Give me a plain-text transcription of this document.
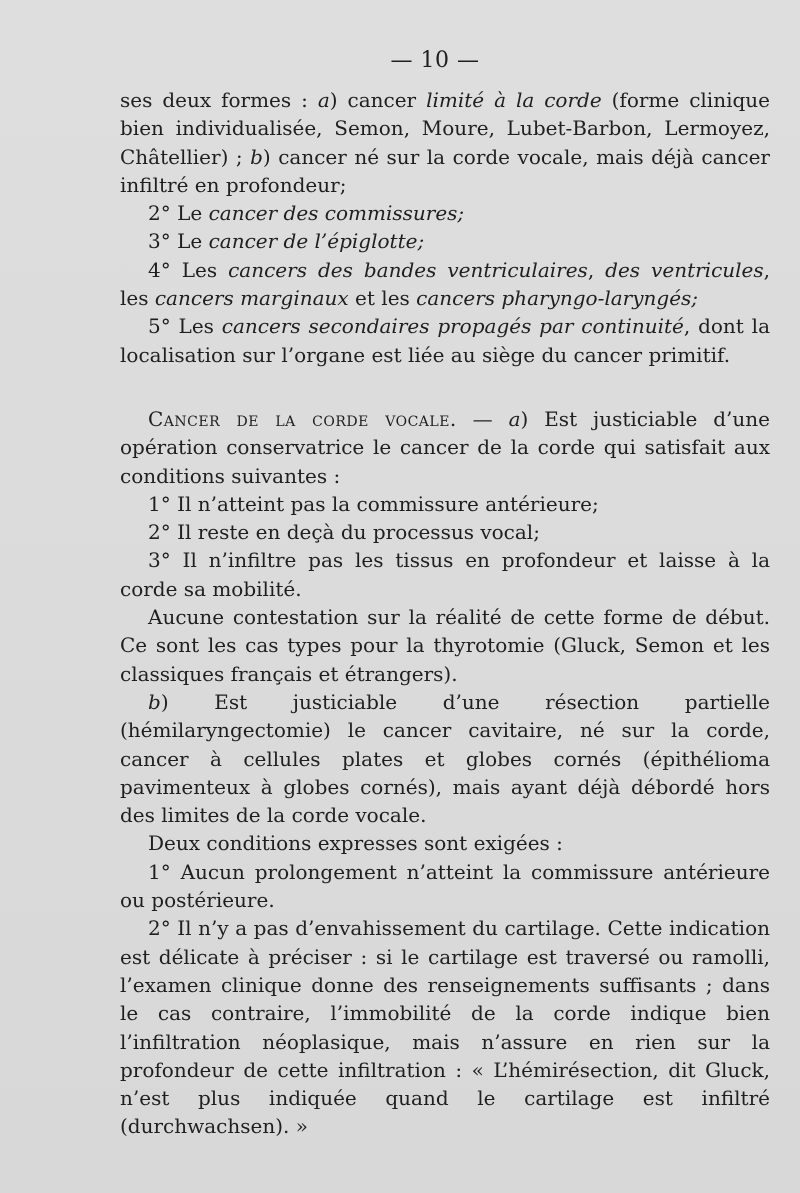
— 10 —

ses deux formes : a) cancer limité à la corde (forme clinique bien individualisée, Semon, Moure, Lubet-Barbon, Lermoyez, Châtellier) ; b) cancer né sur la corde vocale, mais déjà cancer infiltré en profondeur;

2° Le cancer des commissures;

3° Le cancer de l’épiglotte;

4° Les cancers des bandes ventriculaires, des ventricules, les cancers marginaux et les cancers pharyngo-laryngés;

5° Les cancers secondaires propagés par continuité, dont la localisation sur l’organe est liée au siège du cancer primitif.

Cancer de la corde vocale. — a) Est justiciable d’une opération conservatrice le cancer de la corde qui satisfait aux conditions suivantes :

1° Il n’atteint pas la commissure antérieure;

2° Il reste en deçà du processus vocal;

3° Il n’infiltre pas les tissus en profondeur et laisse à la corde sa mobilité.

Aucune contestation sur la réalité de cette forme de début. Ce sont les cas types pour la thyrotomie (Gluck, Semon et les classiques français et étrangers).

b) Est justiciable d’une résection partielle (hémilaryngectomie) le cancer cavitaire, né sur la corde, cancer à cellules plates et globes cornés (épithélioma pavimenteux à globes cornés), mais ayant déjà débordé hors des limites de la corde vocale.

Deux conditions expresses sont exigées :

1° Aucun prolongement n’atteint la commissure antérieure ou postérieure.

2° Il n’y a pas d’envahissement du cartilage. Cette indication est délicate à préciser : si le cartilage est traversé ou ramolli, l’examen clinique donne des renseignements suffisants ; dans le cas contraire, l’immobilité de la corde indique bien l’infiltration néoplasique, mais n’assure en rien sur la profondeur de cette infiltration : « L’hémirésection, dit Gluck, n’est plus indiquée quand le cartilage est infiltré (durchwachsen). »
